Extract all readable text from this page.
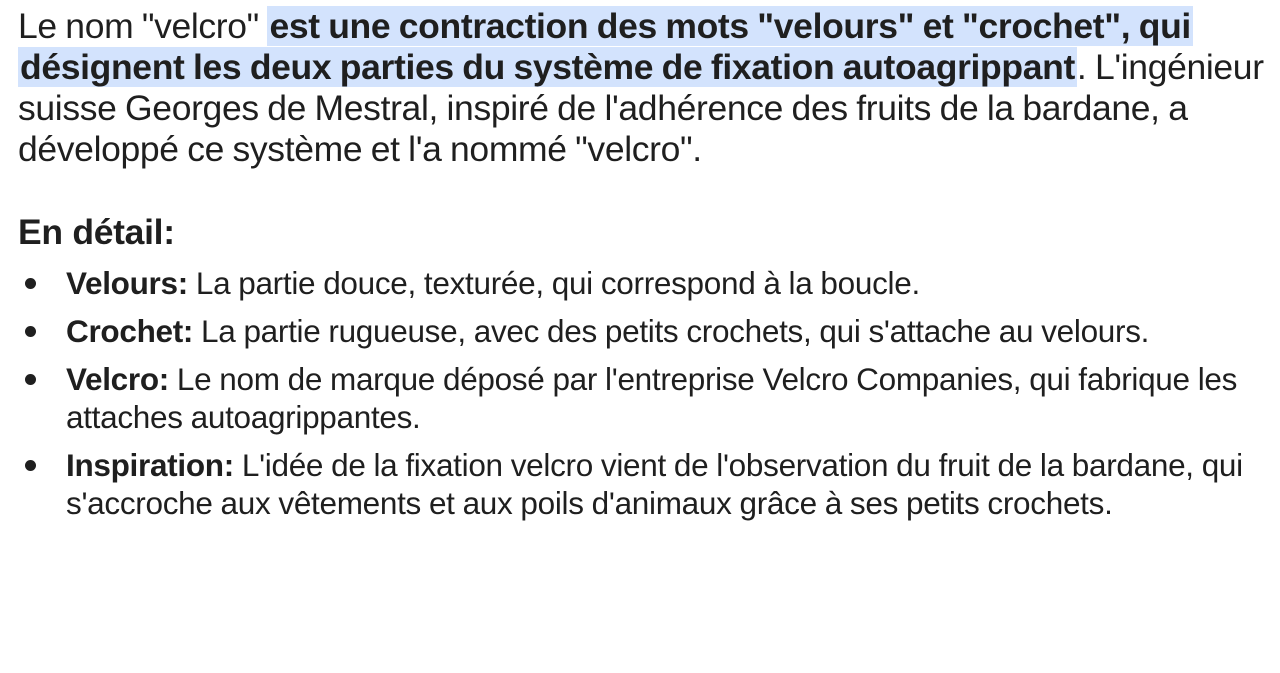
Le nom "velcro" est une contraction des mots "velours" et "crochet", qui désignent les deux parties du système de fixation autoagrippant. L'ingénieur suisse Georges de Mestral, inspiré de l'adhérence des fruits de la bardane, a développé ce système et l'a nommé "velcro".

En détail:
Velours: La partie douce, texturée, qui correspond à la boucle.
Crochet: La partie rugueuse, avec des petits crochets, qui s'attache au velours.
Velcro: Le nom de marque déposé par l'entreprise Velcro Companies, qui fabrique les attaches autoagrippantes.
Inspiration: L'idée de la fixation velcro vient de l'observation du fruit de la bardane, qui s'accroche aux vêtements et aux poils d'animaux grâce à ses petits crochets.
